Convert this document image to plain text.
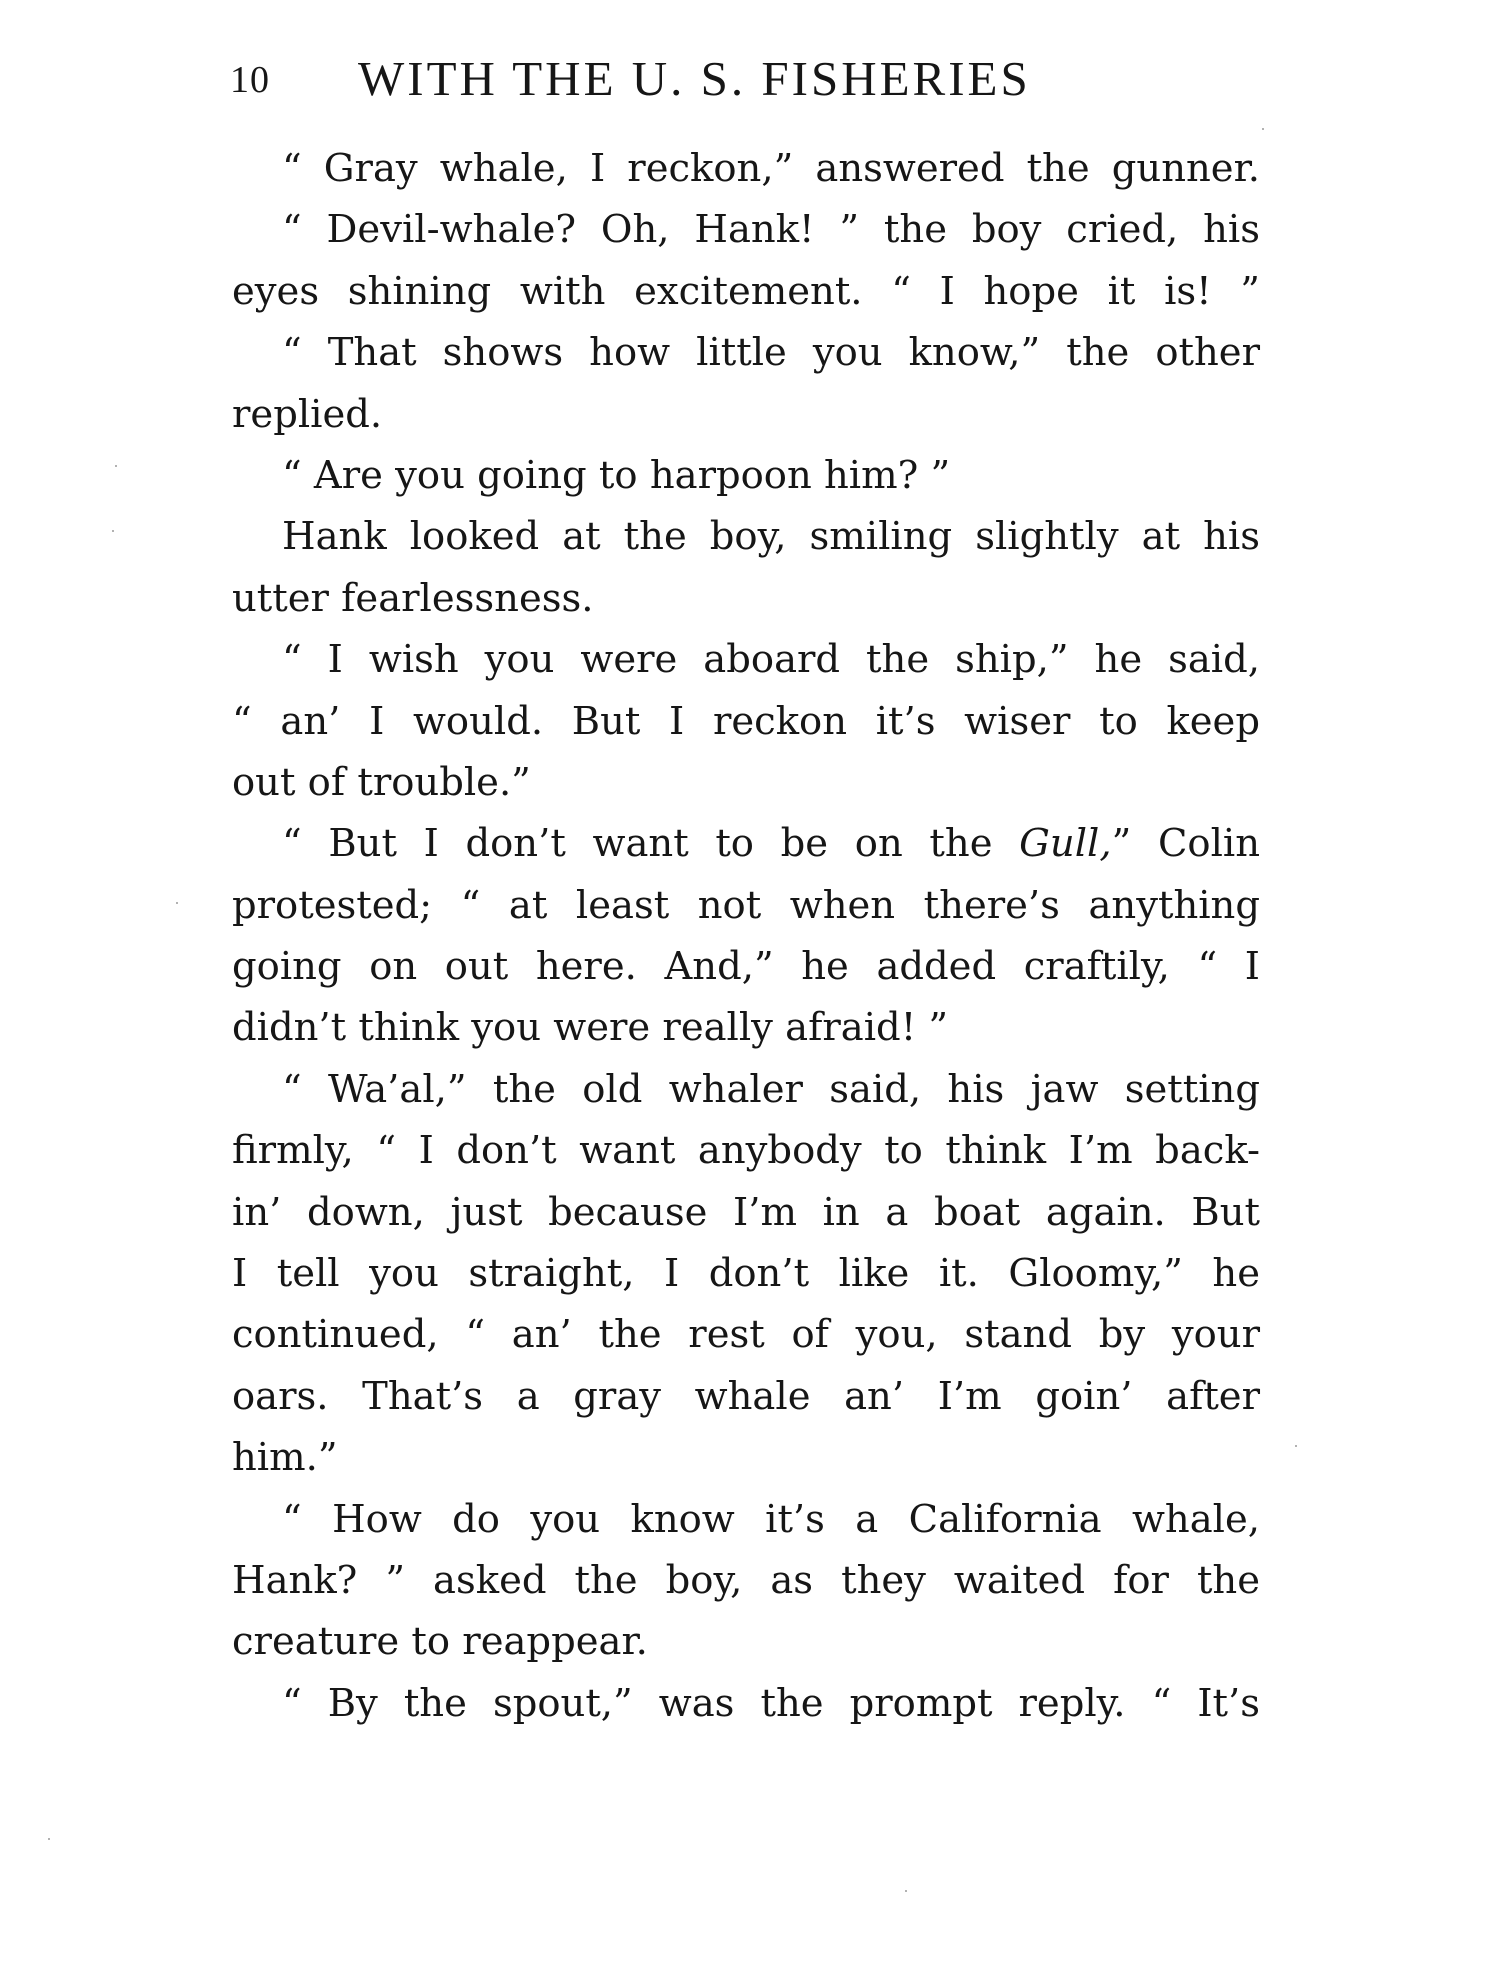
10 WITH THE U. S. FISHERIES
“ Gray whale, I reckon,” answered the gunner.
“ Devil-whale? Oh, Hank! ” the boy cried, his
eyes shining with excitement. “ I hope it is! ”
“ That shows how little you know,” the other
replied.
“ Are you going to harpoon him? ”
Hank looked at the boy, smiling slightly at his
utter fearlessness.
“ I wish you were aboard the ship,” he said,
“ an’ I would. But I reckon it’s wiser to keep
out of trouble.”
“ But I don’t want to be on the Gull,” Colin
protested; “ at least not when there’s anything
going on out here. And,” he added craftily, “ I
didn’t think you were really afraid! ”
“ Wa’al,” the old whaler said, his jaw setting
firmly, “ I don’t want anybody to think I’m back-
in’ down, just because I’m in a boat again. But
I tell you straight, I don’t like it. Gloomy,” he
continued, “ an’ the rest of you, stand by your
oars. That’s a gray whale an’ I’m goin’ after
him.”
“ How do you know it’s a California whale,
Hank? ” asked the boy, as they waited for the
creature to reappear.
“ By the spout,” was the prompt reply. “ It’s
